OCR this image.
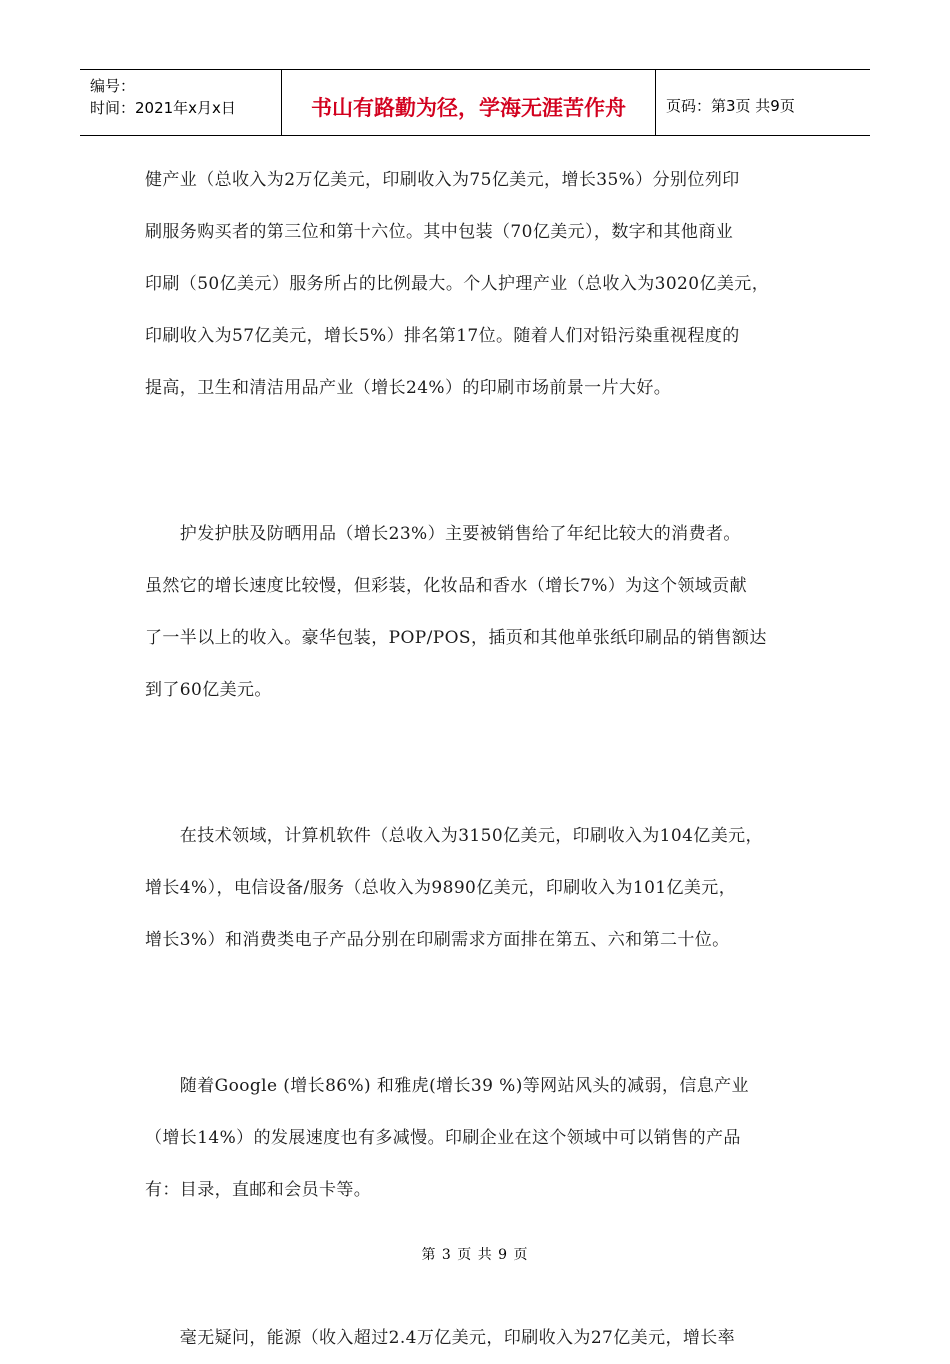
编号：
时间：2021年x月x日	书山有路勤为径，学海无涯苦作舟	页码：第3页 共9页
健产业（总收入为2万亿美元，印刷收入为75亿美元，增长35%）分别位列印
刷服务购买者的第三位和第十六位。其中包装（70亿美元），数字和其他商业
印刷（50亿美元）服务所占的比例最大。个人护理产业（总收入为3020亿美元，
印刷收入为57亿美元，增长5%）排名第17位。随着人们对铅污染重视程度的
提高，卫生和清洁用品产业（增长24%）的印刷市场前景一片大好。
　　护发护肤及防晒用品（增长23%）主要被销售给了年纪比较大的消费者。
虽然它的增长速度比较慢，但彩装，化妆品和香水（增长7%）为这个领域贡献
了一半以上的收入。豪华包装，POP/POS，插页和其他单张纸印刷品的销售额达
到了60亿美元。
　　在技术领域，计算机软件（总收入为3150亿美元，印刷收入为104亿美元，
增长4%），电信设备/服务（总收入为9890亿美元，印刷收入为101亿美元，
增长3%）和消费类电子产品分别在印刷需求方面排在第五、六和第二十位。
　　随着Google (增长86%) 和雅虎(增长39 %)等网站风头的减弱，信息产业
（增长14%）的发展速度也有多减慢。印刷企业在这个领域中可以销售的产品
有：目录，直邮和会员卡等。
　　毫无疑问，能源（收入超过2.4万亿美元，印刷收入为27亿美元，增长率
第 3 页 共 9 页
